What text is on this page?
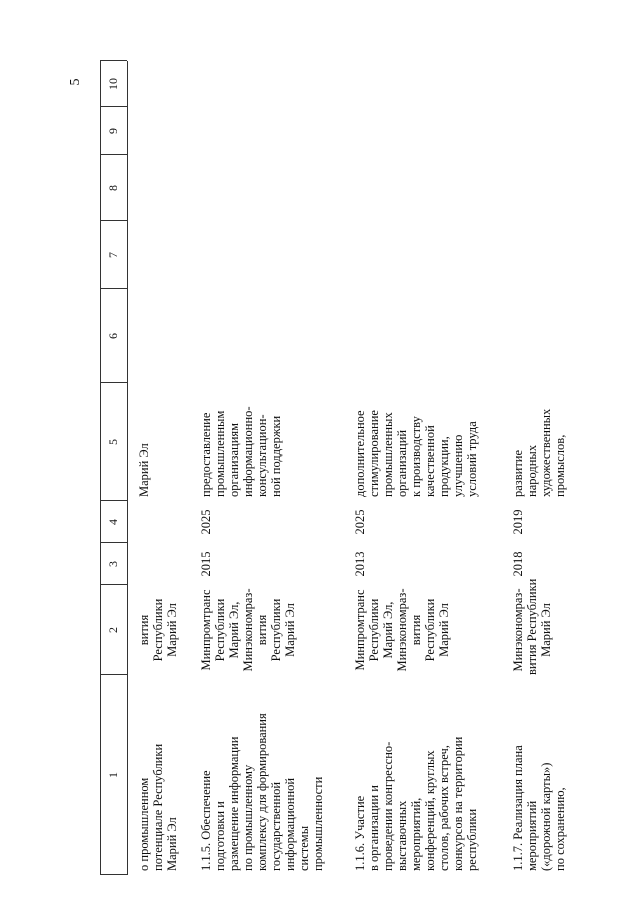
5
1
2
3
4
5
6
7
8
9
10
о промышленном потенциале Республики Марий Эл
вития Республики Марий Эл
Марий Эл
1.1.5. Обеспечение подготовки и размещение информации по промышленному комплексу для формирования государственной информационной системы промышленности
Минпромтранс Республики Марий Эл, Минэкономраз- вития Республики Марий Эл
2015
2025
предоставление промышленным организациям информационно- консультацион- ной поддержки
1.1.6. Участие в организации и проведении конгрессно- выставочных мероприятий, конференций, круглых столов, рабочих встреч, конкурсов на территории республики
Минпромтранс Республики Марий Эл, Минэкономраз- вития Республики Марий Эл
2013
2025
дополнительное стимулирование промышленных организаций к производству качественной продукции, улучшению условий труда
1.1.7. Реализация плана мероприятий («дорожной карты») по сохранению,
Минэкономраз- вития Республики Марий Эл
2018
2019
развитие народных художественных промыслов,
